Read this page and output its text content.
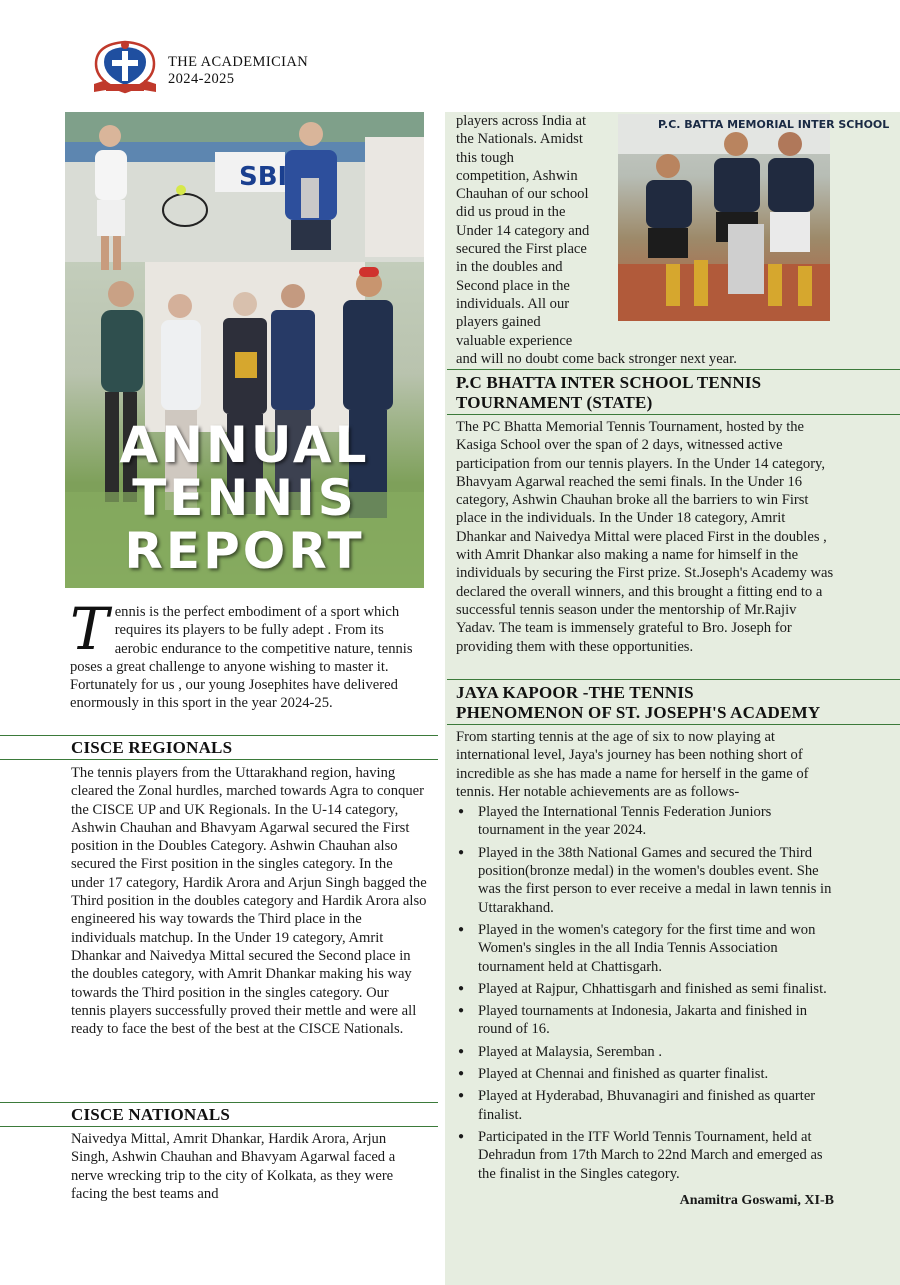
THE ACADEMICIAN
2024-2025
SBI
ANNUAL
TENNIS
REPORT
Tennis is the perfect embodiment of a sport which requires its players to be fully adept . From its aerobic endurance to the competitive nature, tennis poses a great challenge to anyone wishing to master it. Fortunately for us , our young Josephites have delivered enormously in this sport in the year 2024-25.
CISCE REGIONALS
The tennis players from the Uttarakhand region, having cleared the Zonal hurdles, marched towards Agra to conquer the CISCE UP and UK Regionals. In the U-14 category, Ashwin Chauhan and Bhavyam Agarwal secured the First position in the Doubles Category. Ashwin Chauhan also secured the First position in the singles category. In the under 17 category, Hardik Arora and Arjun Singh bagged the Third position in the doubles category and Hardik Arora also engineered his way towards the Third place in the individuals matchup. In the Under 19 category, Amrit Dhankar and Naivedya Mittal secured the Second place in the doubles category, with Amrit Dhankar making his way towards the Third position in the singles category. Our tennis players successfully proved their mettle and were all ready to face the best of the best at the CISCE Nationals.
CISCE NATIONALS
Naivedya Mittal, Amrit Dhankar, Hardik Arora, Arjun Singh, Ashwin Chauhan and Bhavyam Agarwal faced a nerve wrecking trip to the city of Kolkata, as they were facing the best teams and
players across India at
the Nationals. Amidst
this tough
competition, Ashwin
Chauhan of our school
did us proud in the
Under 14 category and
secured the First place
in the doubles and
Second place in the
individuals. All our
players gained
valuable experience
and will no doubt come back stronger next year.
P.C. BATTA MEMORIAL INTER SCHOOL
P.C BHATTA INTER SCHOOL TENNIS
TOURNAMENT (STATE)
The PC Bhatta Memorial Tennis Tournament, hosted by the Kasiga School over the span of 2 days, witnessed active participation from our tennis players. In the Under 14 category, Bhavyam Agarwal reached the semi finals. In the Under 16 category, Ashwin Chauhan broke all the barriers to win First place in the individuals. In the Under 18 category, Amrit Dhankar and Naivedya Mittal were placed First in the doubles , with Amrit Dhankar also making a name for himself in the individuals by securing the First prize. St.Joseph's Academy was declared the overall winners, and this brought a fitting end to a successful tennis season under the mentorship of Mr.Rajiv Yadav. The team is immensely grateful to Bro. Joseph for providing them with these opportunities.
JAYA KAPOOR -THE TENNIS
PHENOMENON OF ST. JOSEPH'S ACADEMY
From starting tennis at the age of six to now playing at international level, Jaya's journey has been nothing short of incredible as she has made a name for herself in the game of tennis. Her notable achievements are as follows-
● Played the International Tennis Federation Juniors tournament in the year 2024.
● Played in the 38th National Games and secured the Third position(bronze medal) in the women's doubles event. She was the first person to ever receive a medal in lawn tennis in Uttarakhand.
● Played in the women's category for the first time and won Women's singles in the all India Tennis Association tournament held at Chattisgarh.
● Played at Rajpur, Chhattisgarh and finished as semi finalist.
● Played tournaments at Indonesia, Jakarta and finished in round of 16.
● Played at Malaysia, Seremban .
● Played at Chennai and finished as quarter finalist.
● Played at Hyderabad, Bhuvanagiri and finished as quarter finalist.
● Participated in the ITF World Tennis Tournament, held at Dehradun from 17th March to 22nd March and emerged as the finalist in the Singles category.
Anamitra Goswami, XI-B
